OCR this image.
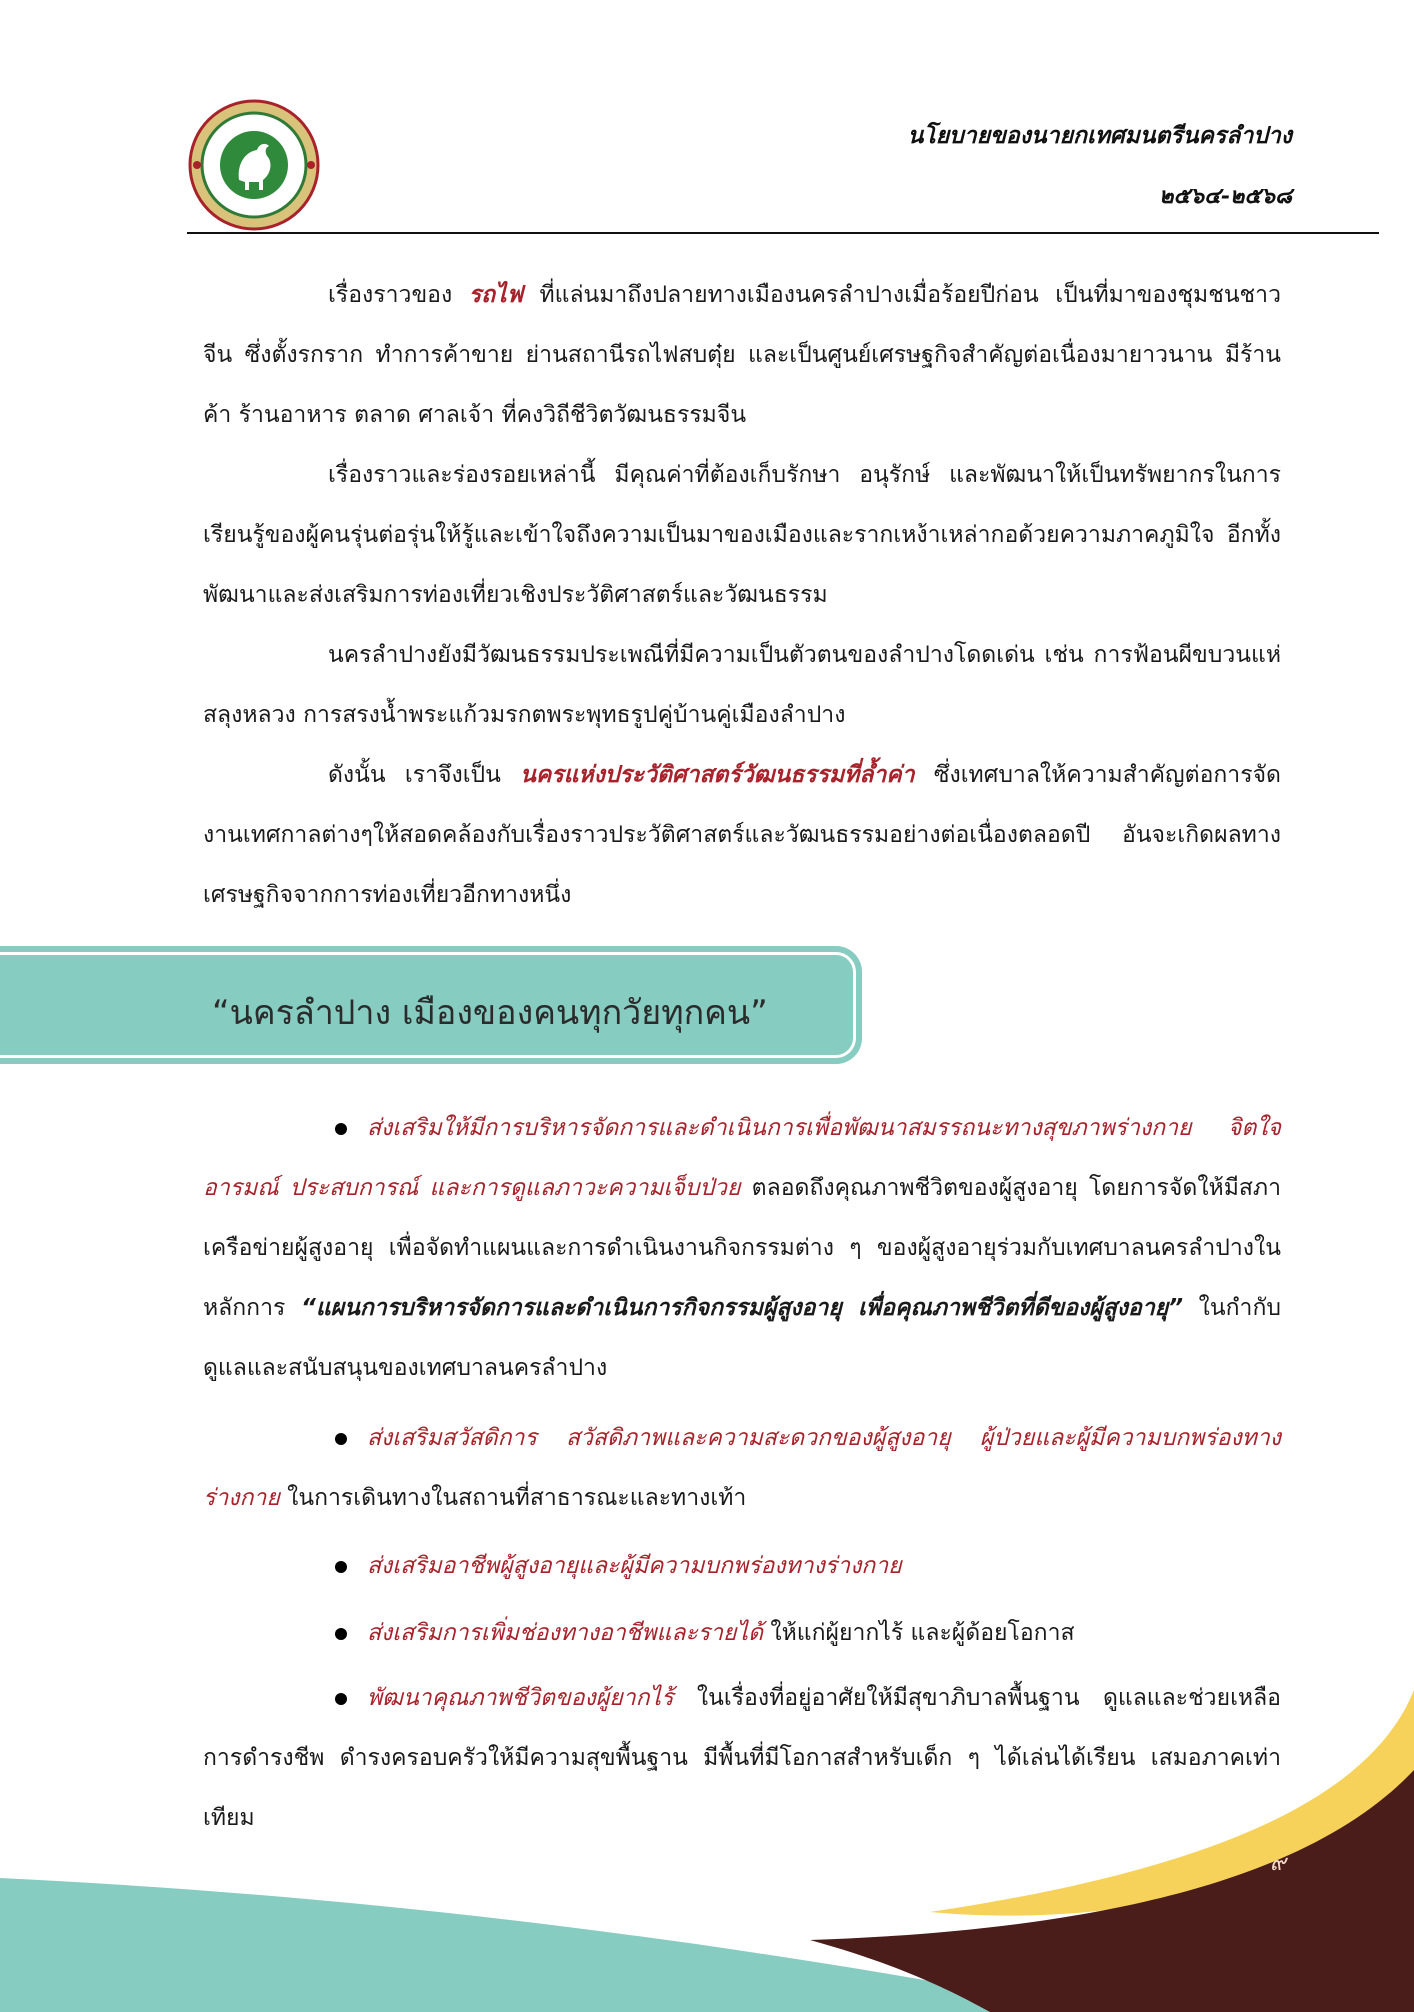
นโยบายของนายกเทศมนตรีนครลำปาง

๒๕๖๔-๒๕๖๘

เรื่องราวของ รถไฟ ที่แล่นมาถึงปลายทางเมืองนครลำปางเมื่อร้อยปีก่อน เป็นที่มาของชุมชนชาวจีน ซึ่งตั้งรกราก ทำการค้าขาย ย่านสถานีรถไฟสบตุ๋ย และเป็นศูนย์เศรษฐกิจสำคัญต่อเนื่องมายาวนาน มีร้านค้า ร้านอาหาร ตลาด ศาลเจ้า ที่คงวิถีชีวิตวัฒนธรรมจีน

เรื่องราวและร่องรอยเหล่านี้ มีคุณค่าที่ต้องเก็บรักษา อนุรักษ์ และพัฒนาให้เป็นทรัพยากรในการเรียนรู้ของผู้คนรุ่นต่อรุ่นให้รู้และเข้าใจถึงความเป็นมาของเมืองและรากเหง้าเหล่ากอด้วยความภาคภูมิใจ อีกทั้งพัฒนาและส่งเสริมการท่องเที่ยวเชิงประวัติศาสตร์และวัฒนธรรม

นครลำปางยังมีวัฒนธรรมประเพณีที่มีความเป็นตัวตนของลำปางโดดเด่น เช่น การฟ้อนผีขบวนแห่สลุงหลวง การสรงน้ำพระแก้วมรกตพระพุทธรูปคู่บ้านคู่เมืองลำปาง

ดังนั้น เราจึงเป็น นครแห่งประวัติศาสตร์วัฒนธรรมที่ล้ำค่า ซึ่งเทศบาลให้ความสำคัญต่อการจัดงานเทศกาลต่างๆให้สอดคล้องกับเรื่องราวประวัติศาสตร์และวัฒนธรรมอย่างต่อเนื่องตลอดปี อันจะเกิดผลทางเศรษฐกิจจากการท่องเที่ยวอีกทางหนึ่ง

“นครลำปาง เมืองของคนทุกวัยทุกคน”

ส่งเสริมให้มีการบริหารจัดการและดำเนินการเพื่อพัฒนาสมรรถนะทางสุขภาพร่างกาย จิตใจ อารมณ์ ประสบการณ์ และการดูแลภาวะความเจ็บป่วย ตลอดถึงคุณภาพชีวิตของผู้สูงอายุ โดยการจัดให้มีสภาเครือข่ายผู้สูงอายุ เพื่อจัดทำแผนและการดำเนินงานกิจกรรมต่าง ๆ ของผู้สูงอายุร่วมกับเทศบาลนครลำปางในหลักการ “แผนการบริหารจัดการและดำเนินการกิจกรรมผู้สูงอายุ เพื่อคุณภาพชีวิตที่ดีของผู้สูงอายุ” ในกำกับดูแลและสนับสนุนของเทศบาลนครลำปาง

ส่งเสริมสวัสดิการ สวัสดิภาพและความสะดวกของผู้สูงอายุ ผู้ป่วยและผู้มีความบกพร่องทางร่างกาย ในการเดินทางในสถานที่สาธารณะและทางเท้า

ส่งเสริมอาชีพผู้สูงอายุและผู้มีความบกพร่องทางร่างกาย

ส่งเสริมการเพิ่มช่องทางอาชีพและรายได้ ให้แก่ผู้ยากไร้ และผู้ด้อยโอกาส

พัฒนาคุณภาพชีวิตของผู้ยากไร้ ในเรื่องที่อยู่อาศัยให้มีสุขาภิบาลพื้นฐาน ดูแลและช่วยเหลือการดำรงชีพ ดำรงครอบครัวให้มีความสุขพื้นฐาน มีพื้นที่มีโอกาสสำหรับเด็ก ๆ ได้เล่นได้เรียน เสมอภาคเท่าเทียม

๙
